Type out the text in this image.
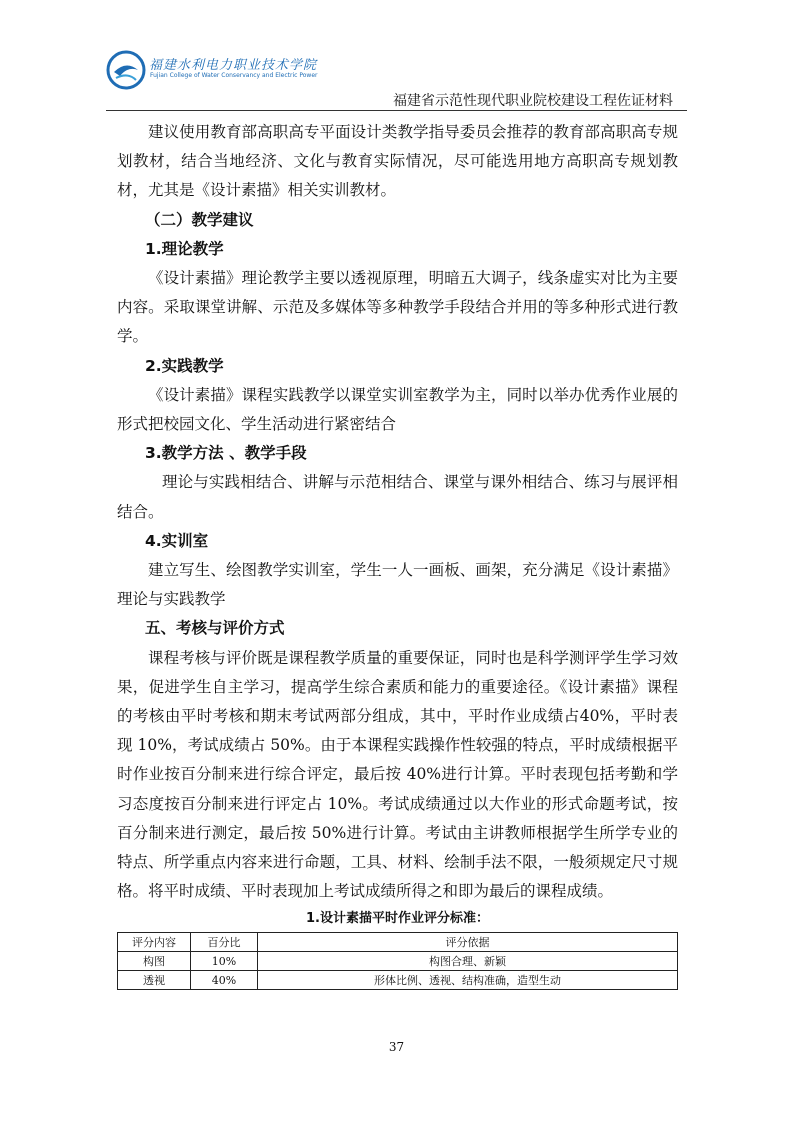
福建水利电力职业技术学院
Fujian College of Water Conservancy and Electric Power
福建省示范性现代职业院校建设工程佐证材料

建议使用教育部高职高专平面设计类教学指导委员会推荐的教育部高职高专规划教材，结合当地经济、文化与教育实际情况，尽可能选用地方高职高专规划教材，尤其是《设计素描》相关实训教材。

（二）教学建议

1.理论教学

《设计素描》理论教学主要以透视原理，明暗五大调子，线条虚实对比为主要内容。采取课堂讲解、示范及多媒体等多种教学手段结合并用的等多种形式进行教学。

2.实践教学

《设计素描》课程实践教学以课堂实训室教学为主，同时以举办优秀作业展的形式把校园文化、学生活动进行紧密结合

3.教学方法 、教学手段

理论与实践相结合、讲解与示范相结合、课堂与课外相结合、练习与展评相结合。

4.实训室

建立写生、绘图教学实训室，学生一人一画板、画架，充分满足《设计素描》理论与实践教学

五、考核与评价方式

课程考核与评价既是课程教学质量的重要保证，同时也是科学测评学生学习效果，促进学生自主学习，提高学生综合素质和能力的重要途径。《设计素描》课程的考核由平时考核和期末考试两部分组成，其中，平时作业成绩占40%，平时表现 10%，考试成绩占 50%。由于本课程实践操作性较强的特点，平时成绩根据平时作业按百分制来进行综合评定，最后按 40%进行计算。平时表现包括考勤和学习态度按百分制来进行评定占 10%。考试成绩通过以大作业的形式命题考试，按百分制来进行测定，最后按 50%进行计算。考试由主讲教师根据学生所学专业的特点、所学重点内容来进行命题，工具、材料、绘制手法不限，一般须规定尺寸规格。将平时成绩、平时表现加上考试成绩所得之和即为最后的课程成绩。

1.设计素描平时作业评分标准：
评分内容	百分比	评分依据
构图	10%	构图合理、新颖
透视	40%	形体比例、透视、结构准确，造型生动
37
